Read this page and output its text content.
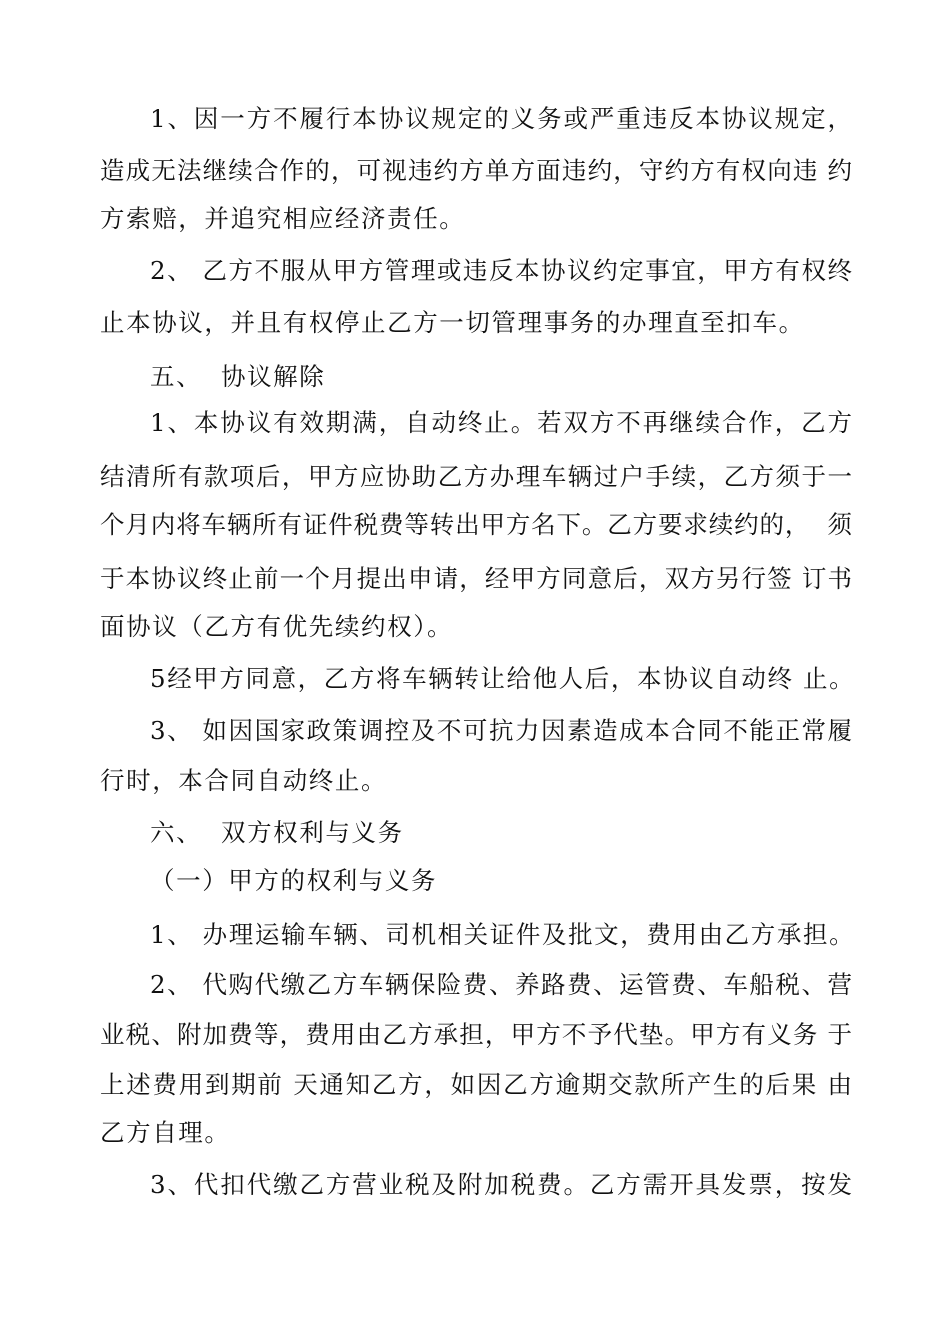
1、因一方不履行本协议规定的义务或严重违反本协议规定，
造成无法继续合作的，可视违约方单方面违约，守约方有权向违 约
方索赔，并追究相应经济责任。
2、 乙方不服从甲方管理或违反本协议约定事宜，甲方有权终
止本协议，并且有权停止乙方一切管理事务的办理直至扣车。
五、  协议解除
1、本协议有效期满，自动终止。若双方不再继续合作，乙方
结清所有款项后，甲方应协助乙方办理车辆过户手续，乙方须于一
个月内将车辆所有证件税费等转出甲方名下。乙方要求续约的，  须
于本协议终止前一个月提出申请，经甲方同意后，双方另行签 订书
面协议（乙方有优先续约权）。
5经甲方同意，乙方将车辆转让给他人后，本协议自动终 止。
3、 如因国家政策调控及不可抗力因素造成本合同不能正常履
行时，本合同自动终止。
六、  双方权利与义务
（一）甲方的权利与义务
1、 办理运输车辆、司机相关证件及批文，费用由乙方承担。
2、 代购代缴乙方车辆保险费、养路费、运管费、车船税、营
业税、附加费等，费用由乙方承担，甲方不予代垫。甲方有义务 于
上述费用到期前 天通知乙方，如因乙方逾期交款所产生的后果 由
乙方自理。
3、代扣代缴乙方营业税及附加税费。乙方需开具发票，按发
